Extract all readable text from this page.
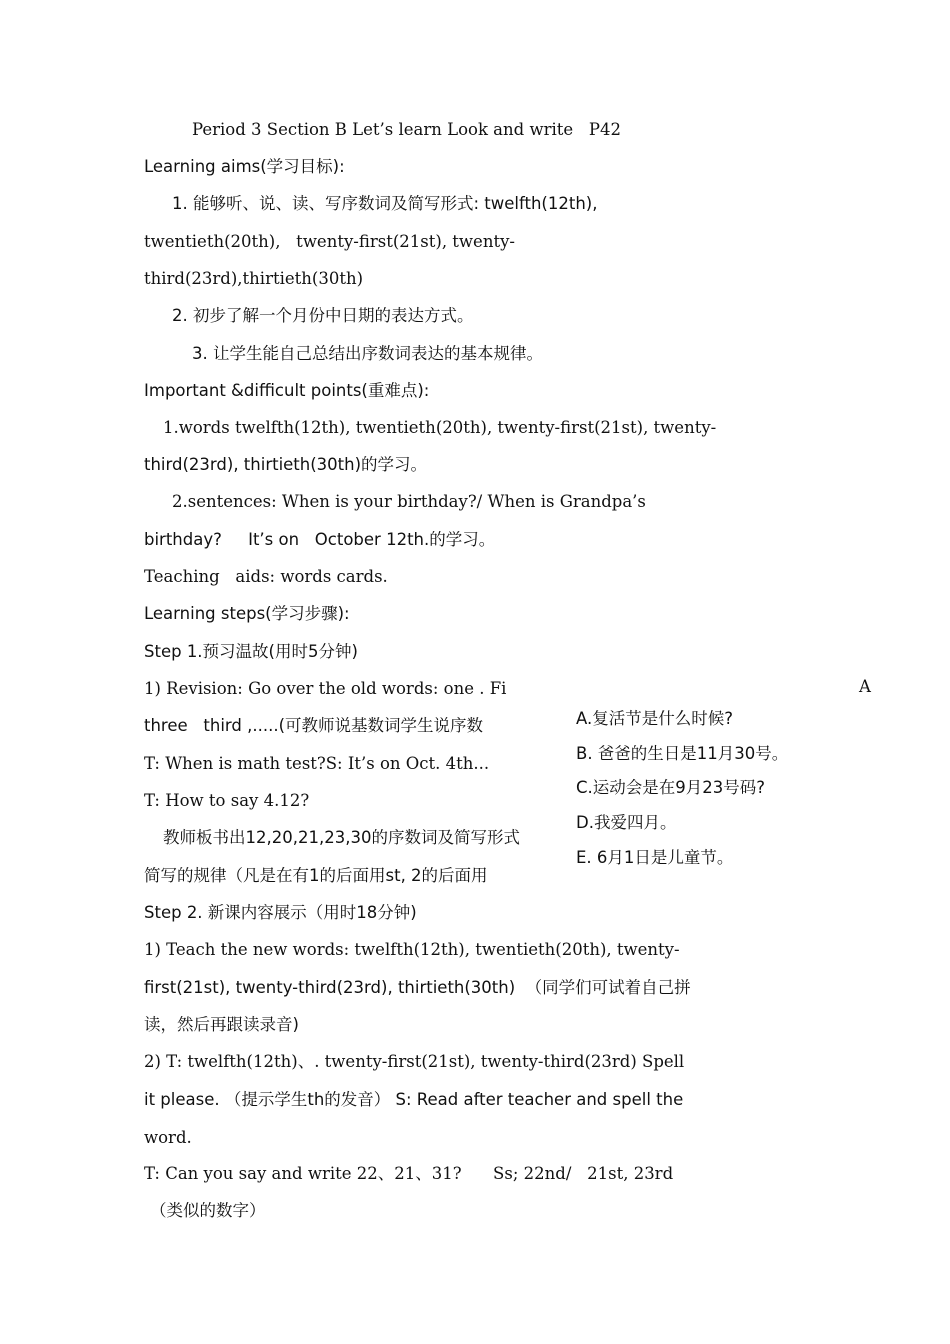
Period 3 Section B Let’s learn Look and write   P42
Learning aims(学习目标):
1. 能够听、说、读、写序数词及简写形式: twelfth(12th),
twentieth(20th),   twenty-first(21st), twenty-
third(23rd),thirtieth(30th)
2. 初步了解一个月份中日期的表达方式。
3. 让学生能自己总结出序数词表达的基本规律。
Important &difficult points(重难点):
1.words twelfth(12th), twentieth(20th), twenty-first(21st), twenty-
third(23rd), thirtieth(30th)的学习。
2.sentences: When is your birthday?/ When is Grandpa’s
birthday?     It’s on   October 12th.的学习。
Teaching   aids: words cards.
Learning steps(学习步骤):
Step 1.预习温故(用时5分钟)
1) Revision: Go over the old words: one . Fi
three   third ,.....(可教师说基数词学生说序数
T: When is math test?S: It’s on Oct. 4th...
T: How to say 4.12?
教师板书出12,20,21,23,30的序数词及简写形式
简写的规律（凡是在有1的后面用st, 2的后面用
A
A.复活节是什么时候?
B. 爸爸的生日是11月30号。
C.运动会是在9月23号码?
D.我爱四月。
E. 6月1日是儿童节。
Step 2. 新课内容展示（用时18分钟)
1) Teach the new words: twelfth(12th), twentieth(20th), twenty-
first(21st), twenty-third(23rd), thirtieth(30th)  （同学们可试着自己拼
读，然后再跟读录音)
2) T: twelfth(12th)、. twenty-first(21st), twenty-third(23rd) Spell
it please. （提示学生th的发音） S: Read after teacher and spell the
word.
T: Can you say and write 22、21、31?      Ss; 22nd/   21st, 23rd
（类似的数字）
